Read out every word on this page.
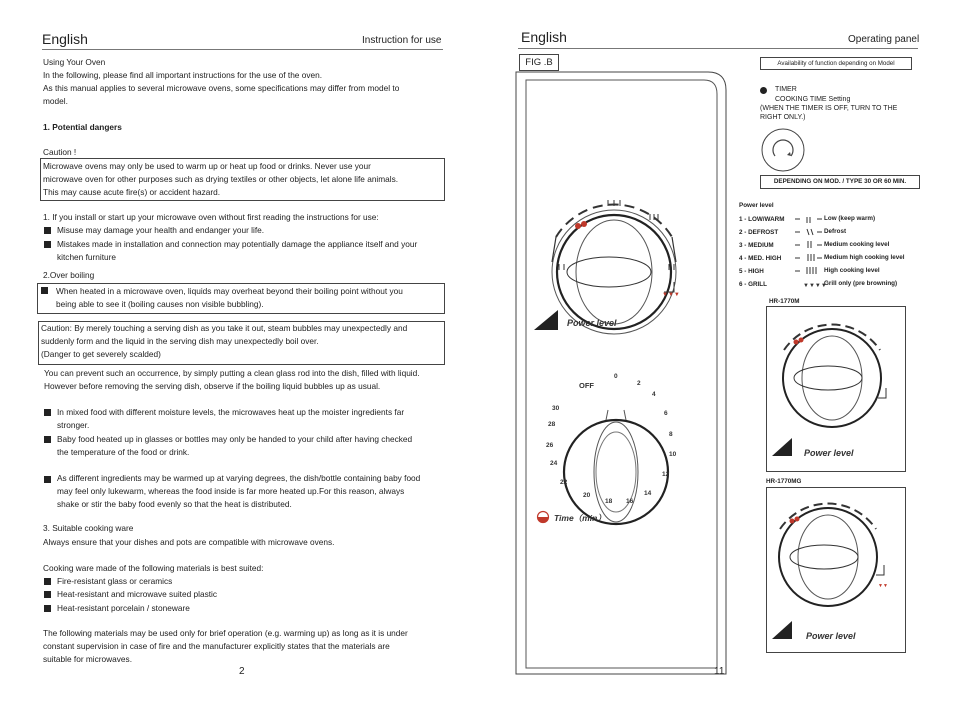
English	Instruction for use
Using Your Oven
In the following, please find all important instructions for the use of the oven.
As this manual applies to several microwave ovens, some specifications may differ from model to
model.
1. Potential dangers
Caution !
Microwave ovens may only be used to warm up or heat up food or drinks. Never use your
microwave oven for other purposes such as drying textiles or other objects, let alone life animals.
This may cause acute fire(s) or accident hazard.
1. If you install or start up your microwave oven without first reading the instructions for use:
Misuse may damage your health and endanger your life.
Mistakes made in installation and connection may potentially damage the appliance itself and your
kitchen furniture
2.Over boiling
When heated in a microwave oven, liquids may overheat beyond their boiling point without you
being able to see it (boiling causes non visible bubbling).
Caution: By merely touching a serving dish as you take it out, steam bubbles may unexpectedly and
suddenly form and the liquid in the serving dish may unexpectedly boil over.
(Danger to get severely scalded)
You can prevent such an occurrence, by simply putting a clean glass rod into the dish, filled with liquid.
However before removing the serving dish, observe if the boiling liquid bubbles up as usual.
In mixed food with different moisture levels, the microwaves heat up the moister ingredients far
stronger.
Baby food heated up in glasses or bottles may only be handed to your child after having checked
the temperature of the food or drink.
As different ingredients may be warmed up at varying degrees, the dish/bottle containing baby food
may feel only lukewarm, whereas the food inside is far more heated up.For this reason, always
shake or stir the baby food evenly so that the heat is distributed.
3. Suitable cooking ware
Always ensure that your dishes and pots are compatible with microwave ovens.
Cooking ware made of the following materials is best suited:
Fire-resistant glass or ceramics
Heat-resistant and microwave suited plastic
Heat-resistant porcelain / stoneware
The following materials may be used only for brief operation (e.g. warming up) as long as it is under
constant supervision in case of fire and the manufacturer explicitly states that the materials are
suitable for microwaves.
2
English	Operating panel
FIG .B
▼▼▼
Power level
OFF
0
2
4
6
8
10
12
14
16
18
20
22
24
26
28
30
Time（min）
Availability of function depending on Model
TIMER
COOKING TIME Setting
(WHEN THE TIMER IS OFF, TURN TO THE
RIGHT ONLY.)
DEPENDING ON MOD. / TYPE 30 OR 60 MIN.
Power level
1 - LOW/WARM	Low (keep warm)
2 - DEFROST	Defrost
3 - MEDIUM	Medium cooking level
4 - MED. HIGH	Medium high cooking level
5 - HIGH	High cooking level
6 - GRILL	Grill only (pre browning)
▼▼▼▼
HR-1770M
Power level
HR-1770MG
▼▼
Power level
11
